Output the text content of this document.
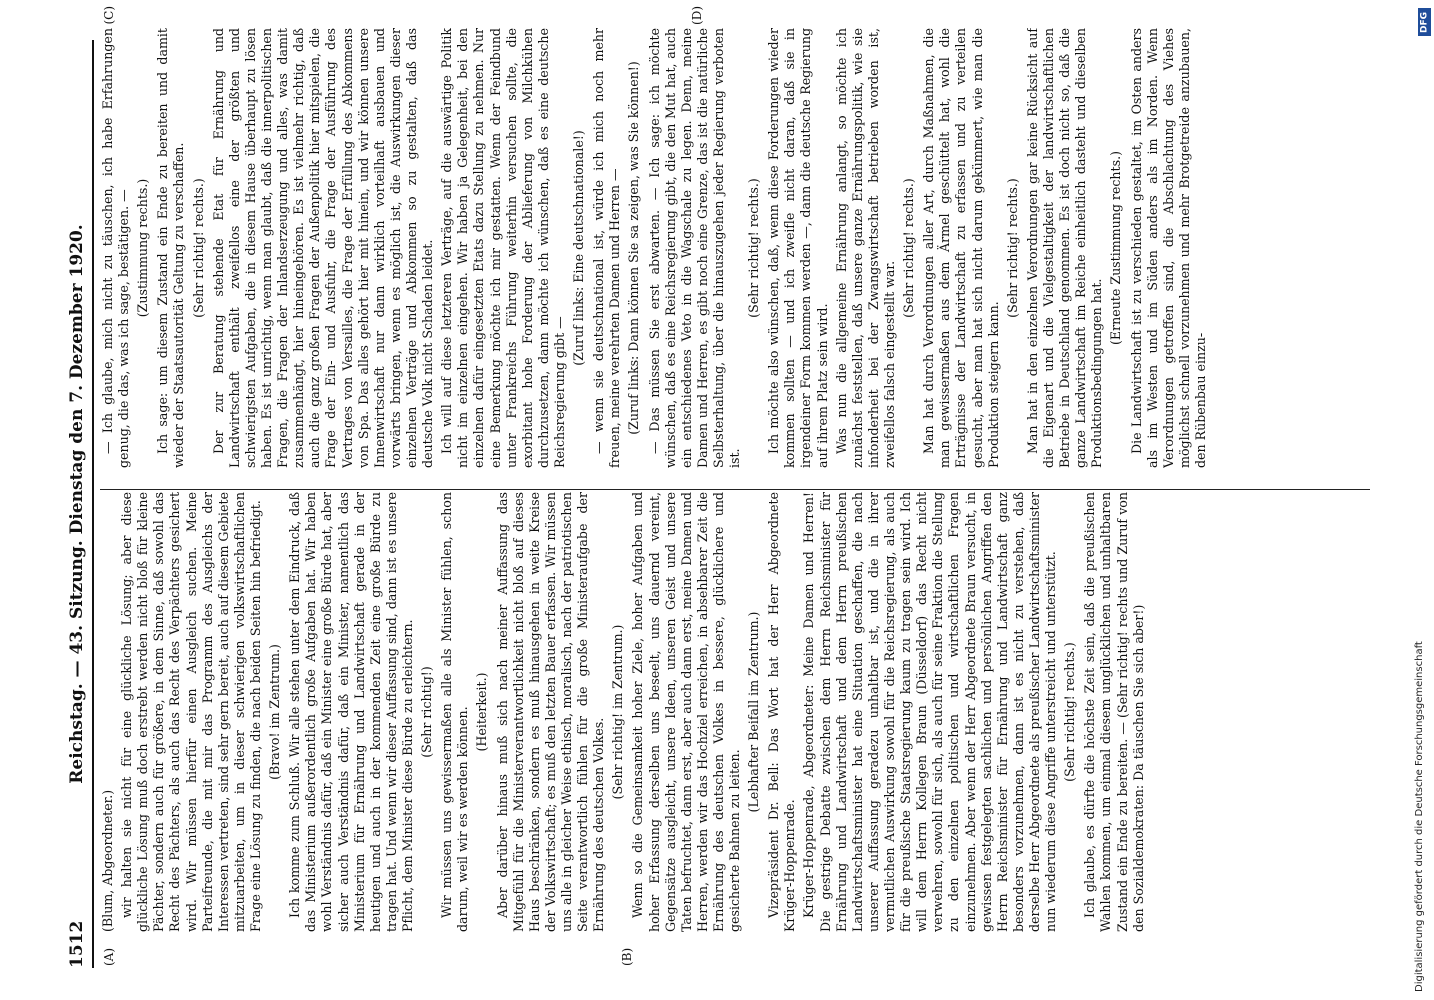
1512
Reichstag. — 43. Sitzung. Dienstag den 7. Dezember 1920.
(A)	(B)
(C)	(D)

(Blum, Abgeordneter.) wir halten sie nicht für eine glückliche Lösung; aber diese glückliche Lösung muß doch erstrebt werden nicht bloß für kleine Pächter, sondern auch für größere, in dem Sinne, daß sowohl das Recht des Pächters, als auch das Recht des Verpächters gesichert wird. Wir müssen hierfür einen Ausgleich suchen. Meine Parteifreunde, die mit mir das Programm des Ausgleichs der Interessen vertreten, sind sehr gern bereit, auch auf diesem Gebiete mitzuarbeiten, um in dieser schwierigen volkswirtschaftlichen Frage eine Lösung zu finden, die nach beiden Seiten hin befriedigt. (Bravo! im Zentrum.) Ich komme zum Schluß. Wir alle stehen unter dem Eindruck, daß das Ministerium außerordentlich große Aufgaben hat. Wir haben wohl Verständnis dafür, daß ein Minister eine große Bürde hat, aber sicher auch Verständnis dafür, daß ein Minister, namentlich das Ministerium für Ernährung und Landwirtschaft gerade in der heutigen und auch in der kommenden Zeit eine große Bürde zu tragen hat. Und wenn wir dieser Auffassung sind, dann ist es unsere Pflicht, dem Minister diese Bürde zu erleichtern. (Sehr richtig!) Wir müssen uns gewissermaßen alle als Minister fühlen, schon darum, weil wir es werden können. (Heiterkeit.) Aber darüber hinaus muß sich nach meiner Auffassung das Mitgefühl für die Ministerverantwortlichkeit nicht bloß auf dieses Haus beschränken, sondern es muß hinausgehen in weite Kreise der Volkswirtschaft; es muß den letzten Bauer erfassen. Wir müssen uns alle in gleicher Weise ethisch, moralisch, nach der patriotischen Seite verantwortlich fühlen für die große Ministeraufgabe der Ernährung des deutschen Volkes.

(Sehr richtig! im Zentrum.) Wenn so die Gemeinsamkeit hoher Ziele, hoher Aufgaben und hoher Erfassung derselben uns beseelt, uns dauernd vereint, Gegensätze ausgleicht, unsere Ideen, unseren Geist und unsere Taten befruchtet, dann erst, aber auch dann erst, meine Damen und Herren, werden wir das Hochziel erreichen, in absehbarer Zeit die Ernährung des deutschen Volkes in bessere, glücklichere und gesicherte Bahnen zu leiten.

(Lebhafter Beifall im Zentrum.) Vizepräsident Dr. Bell: Das Wort hat der Herr Abgeordnete Krüger-Hoppenrade. Krüger-Hoppenrade, Abgeordneter: Meine Damen und Herren! Die gestrige Debatte zwischen dem Herrn Reichsminister für Ernährung und Landwirtschaft und dem Herrn preußischen Landwirtschaftsminister hat eine Situation geschaffen, die nach unserer Auffassung geradezu unhaltbar ist, und die in ihrer vermutlichen Auswirkung sowohl für die Reichsregierung, als auch für die preußische Staatsregierung kaum zu tragen sein wird. Ich will dem Herrn Kollegen Braun (Düsseldorf) das Recht nicht verwehren, sowohl für sich, als auch für seine Fraktion die Stellung zu den einzelnen politischen und wirtschaftlichen Fragen einzunehmen. Aber wenn der Herr Abgeordnete Braun versucht, in gewissen festgelegten sachlichen und persönlichen Angriffen den Herrn Reichsminister für Ernährung und Landwirtschaft ganz besonders vorzunehmen, dann ist es nicht zu verstehen, daß derselbe Herr Abgeordnete als preußischer Landwirtschaftsminister nun wiederum diese Angriffe unterstreicht und unterstützt. (Sehr richtig! rechts.) Ich glaube, es dürfte die höchste Zeit sein, daß die preußischen Wahlen kommen, um einmal diesem unglücklichen und unhaltbaren Zustand ein Ende zu bereiten. — (Sehr richtig! rechts und Zuruf von den Sozialdemokraten: Da täuschen Sie sich aber!)

— Ich glaube, mich nicht zu täuschen, ich habe Erfahrungen genug, die das, was ich sage, bestätigen. — (Zustimmung rechts.) Ich sage: um diesem Zustand ein Ende zu bereiten und damit wieder der Staatsautorität Geltung zu verschaffen. (Sehr richtig! rechts.) Der zur Beratung stehende Etat für Ernährung und Landwirtschaft enthält zweifellos eine der größten und schwierigsten Aufgaben, die in diesem Hause überhaupt zu lösen haben. Es ist unrichtig, wenn man glaubt, daß die innerpolitischen Fragen, die Fragen der Inlandserzeugung und alles, was damit zusammenhängt, hier hineingehören. Es ist vielmehr richtig, daß auch die ganz großen Fragen der Außenpolitik hier mitspielen, die Frage der Ein- und Ausfuhr, die Frage der Ausführung des Vertrages von Versailles, die Frage der Erfüllung des Abkommens von Spa. Das alles gehört hier mit hinein, und wir können unsere Innenwirtschaft nur dann wirklich vorteilhaft ausbauen und vorwärts bringen, wenn es möglich ist, die Auswirkungen dieser einzelnen Verträge und Abkommen so zu gestalten, daß das deutsche Volk nicht Schaden leidet. Ich will auf diese letzteren Verträge, auf die auswärtige Politik nicht im einzelnen eingehen. Wir haben ja Gelegenheit, bei den einzelnen dafür eingesetzten Etats dazu Stellung zu nehmen. Nur eine Bemerkung möchte ich mir gestatten. Wenn der Feindbund unter Frankreichs Führung weiterhin versuchen sollte, die exorbitant hohe Forderung der Ablieferung von Milchkühen durchzusetzen, dann möchte ich wünschen, daß es eine deutsche Reichsregierung gibt —

(Zuruf links: Eine deutschnationale!) — wenn sie deutschnational ist, würde ich mich noch mehr freuen, meine verehrten Damen und Herren — (Zuruf links: Dann können Sie sa zeigen, was Sie können!) — Das müssen Sie erst abwarten. — Ich sage: ich möchte wünschen, daß es eine Reichsregierung gibt, die den Mut hat, auch ein entschiedenes Veto in die Wagschale zu legen. Denn, meine Damen und Herren, es gibt noch eine Grenze, das ist die natürliche Selbsterhaltung, über die hinauszugehen jeder Regierung verboten ist.

(Sehr richtig! rechts.) Ich möchte also wünschen, daß, wenn diese Forderungen wieder kommen sollten — und ich zweifle nicht daran, daß sie in irgendeiner Form kommen werden —, dann die deutsche Regierung auf ihrem Platz sein wird. Was nun die allgemeine Ernährung anlangt, so möchte ich zunächst feststellen, daß unsere ganze Ernährungspolitik, wie sie infonderheit bei der Zwangswirtschaft betrieben worden ist, zweifellos falsch eingestellt war.

(Sehr richtig! rechts.) Man hat durch Verordnungen aller Art, durch Maßnahmen, die man gewissermaßen aus dem Ärmel geschüttelt hat, wohl die Erträgnisse der Landwirtschaft zu erfassen und zu verteilen gesucht, aber man hat sich nicht darum gekümmert, wie man die Produktion steigern kann.

(Sehr richtig! rechts.) Man hat in den einzelnen Verordnungen gar keine Rücksicht auf die Eigenart und die Vielgestaltigkeit der landwirtschaftlichen Betriebe in Deutschland genommen. Es ist doch nicht so, daß die ganze Landwirtschaft im Reiche einheitlich dasteht und dieselben Produktionsbedingungen hat.

(Erneute Zustimmung rechts.) Die Landwirtschaft ist zu verschieden gestaltet, im Osten anders als im Westen und im Süden anders als im Norden. Wenn Verordnungen getroffen sind, die Abschlachtung des Viehes möglichst schnell vorzunehmen und mehr Brotgetreide anzubauen, den Rübenbau einzu-

Digitalisierung gefördert durch die Deutsche Forschungsgemeinschaft
DFG
